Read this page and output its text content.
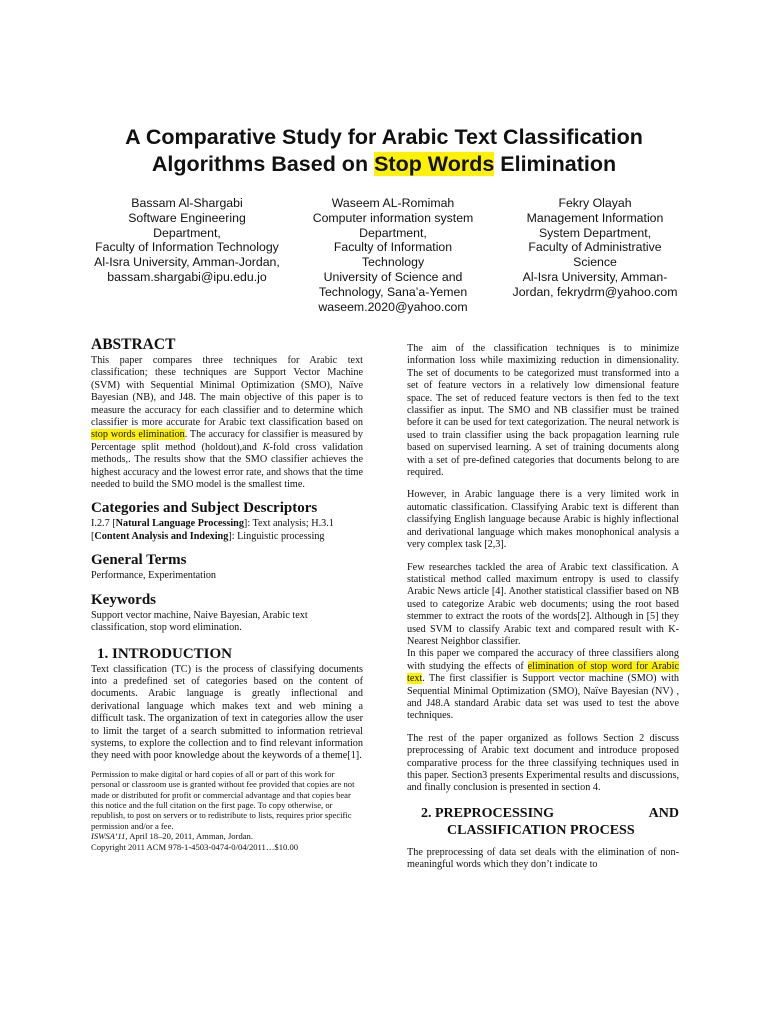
A Comparative Study for Arabic Text Classification
Algorithms Based on Stop Words Elimination
Bassam Al-Shargabi
Software Engineering
Department,
Faculty of Information Technology
Al-Isra University, Amman-Jordan,
bassam.shargabi@ipu.edu.jo
Waseem AL-Romimah
Computer information system
Department,
Faculty of Information
Technology
University of Science and
Technology, Sana’a-Yemen
waseem.2020@yahoo.com
Fekry Olayah
Management Information
System Department,
Faculty of Administrative
Science
Al-Isra University, Amman-
Jordan, fekrydrm@yahoo.com
ABSTRACT

This paper compares three techniques for Arabic text classification; these techniques are Support Vector Machine (SVM) with Sequential Minimal Optimization (SMO), Naïve Bayesian (NB), and J48. The main objective of this paper is to measure the accuracy for each classifier and to determine which classifier is more accurate for Arabic text classification based on stop words elimination. The accuracy for classifier is measured by Percentage split method (holdout),and K-fold cross validation methods,. The results show that the SMO classifier achieves the highest accuracy and the lowest error rate, and shows that the time needed to build the SMO model is the smallest time.

Categories and Subject Descriptors

I.2.7 [Natural Language Processing]: Text analysis; H.3.1
[Content Analysis and Indexing]: Linguistic processing

General Terms

Performance, Experimentation

Keywords

Support vector machine, Naive Bayesian, Arabic text classification, stop word elimination.

1. INTRODUCTION

Text classification (TC) is the process of classifying documents into a predefined set of categories based on the content of documents. Arabic language is greatly inflectional and derivational language which makes text and web mining a difficult task. The organization of text in categories allow the user to limit the target of a search submitted to information retrieval systems, to explore the collection and to find relevant information they need with poor knowledge about the keywords of a theme[1].

Permission to make digital or hard copies of all or part of this work for personal or classroom use is granted without fee provided that copies are not made or distributed for profit or commercial advantage and that copies bear this notice and the full citation on the first page. To copy otherwise, or republish, to post on servers or to redistribute to lists, requires prior specific permission and/or a fee.

ISWSA’11, April 18–20, 2011, Amman, Jordan.

Copyright 2011 ACM 978-1-4503-0474-0/04/2011…$10.00

The aim of the classification techniques is to minimize information loss while maximizing reduction in dimensionality. The set of documents to be categorized must transformed into a set of feature vectors in a relatively low dimensional feature space. The set of reduced feature vectors is then fed to the text classifier as input. The SMO and NB classifier must be trained before it can be used for text categorization. The neural network is used to train classifier using the back propagation learning rule based on supervised learning. A set of training documents along with a set of pre-defined categories that documents belong to are required.

However, in Arabic language there is a very limited work in automatic classification. Classifying Arabic text is different than classifying English language because Arabic is highly inflectional and derivational language which makes monophonical analysis a very complex task [2,3].

Few researches tackled the area of Arabic text classification. A statistical method called maximum entropy is used to classify Arabic News article [4]. Another statistical classifier based on NB used to categorize Arabic web documents; using the root based stemmer to extract the roots of the words[2]. Although in [5] they used SVM to classify Arabic text and compared result with K-Nearest Neighbor classifier.

In this paper we compared the accuracy of three classifiers along with studying the effects of elimination of stop word for Arabic text. The first classifier is Support vector machine (SMO) with Sequential Minimal Optimization (SMO), Naïve Bayesian (NV) , and J48.A standard Arabic data set was used to test the above techniques.

The rest of the paper organized as follows Section 2 discuss preprocessing of Arabic text document and introduce proposed comparative process for the three classifying techniques used in this paper. Section3 presents Experimental results and discussions, and finally conclusion is presented in section 4.

2. PREPROCESSING	AND
CLASSIFICATION PROCESS

The preprocessing of data set deals with the elimination of non-meaningful words which they don’t indicate to
